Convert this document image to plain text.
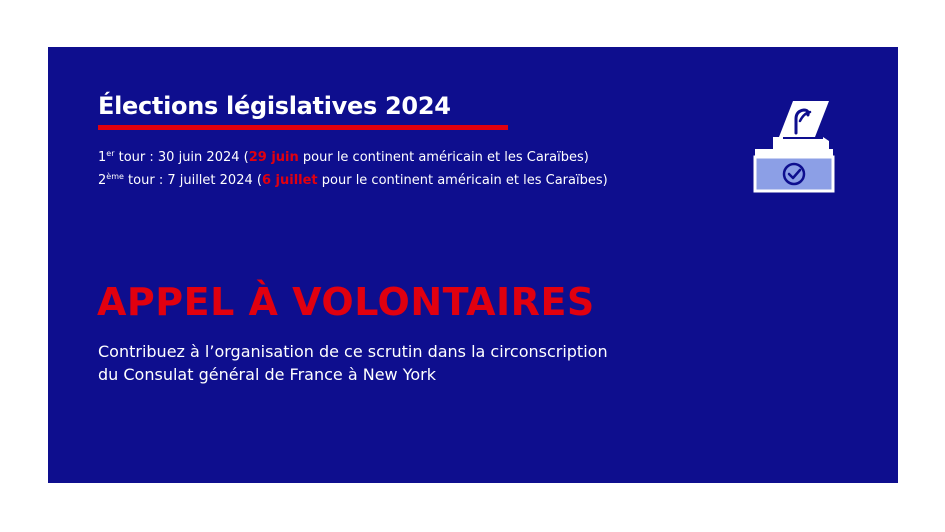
Élections législatives 2024
1er tour : 30 juin 2024 (29 juin pour le continent américain et les Caraïbes)
2ème tour : 7 juillet 2024 (6 juillet pour le continent américain et les Caraïbes)
APPEL À VOLONTAIRES

Contribuez à l’organisation de ce scrutin dans la circonscription
du Consulat général de France à New York
